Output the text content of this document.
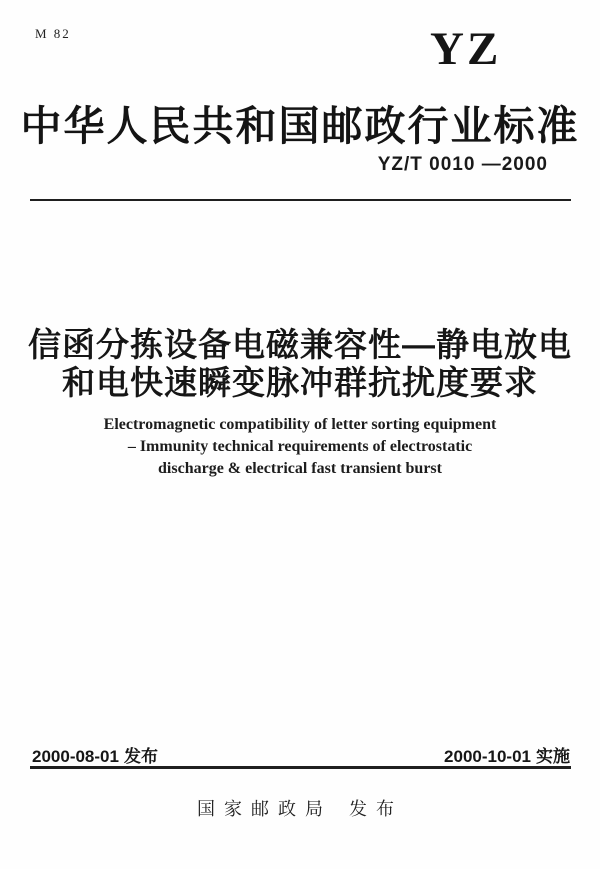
M 82	YZ
中华人民共和国邮政行业标准
YZ/T 0010 —2000
信函分拣设备电磁兼容性—静电放电
和电快速瞬变脉冲群抗扰度要求
Electromagnetic compatibility of letter sorting equipment
– Immunity technical requirements of electrostatic
discharge & electrical fast transient burst
2000-08-01 发布	2000-10-01 实施
国家邮政局 发布
